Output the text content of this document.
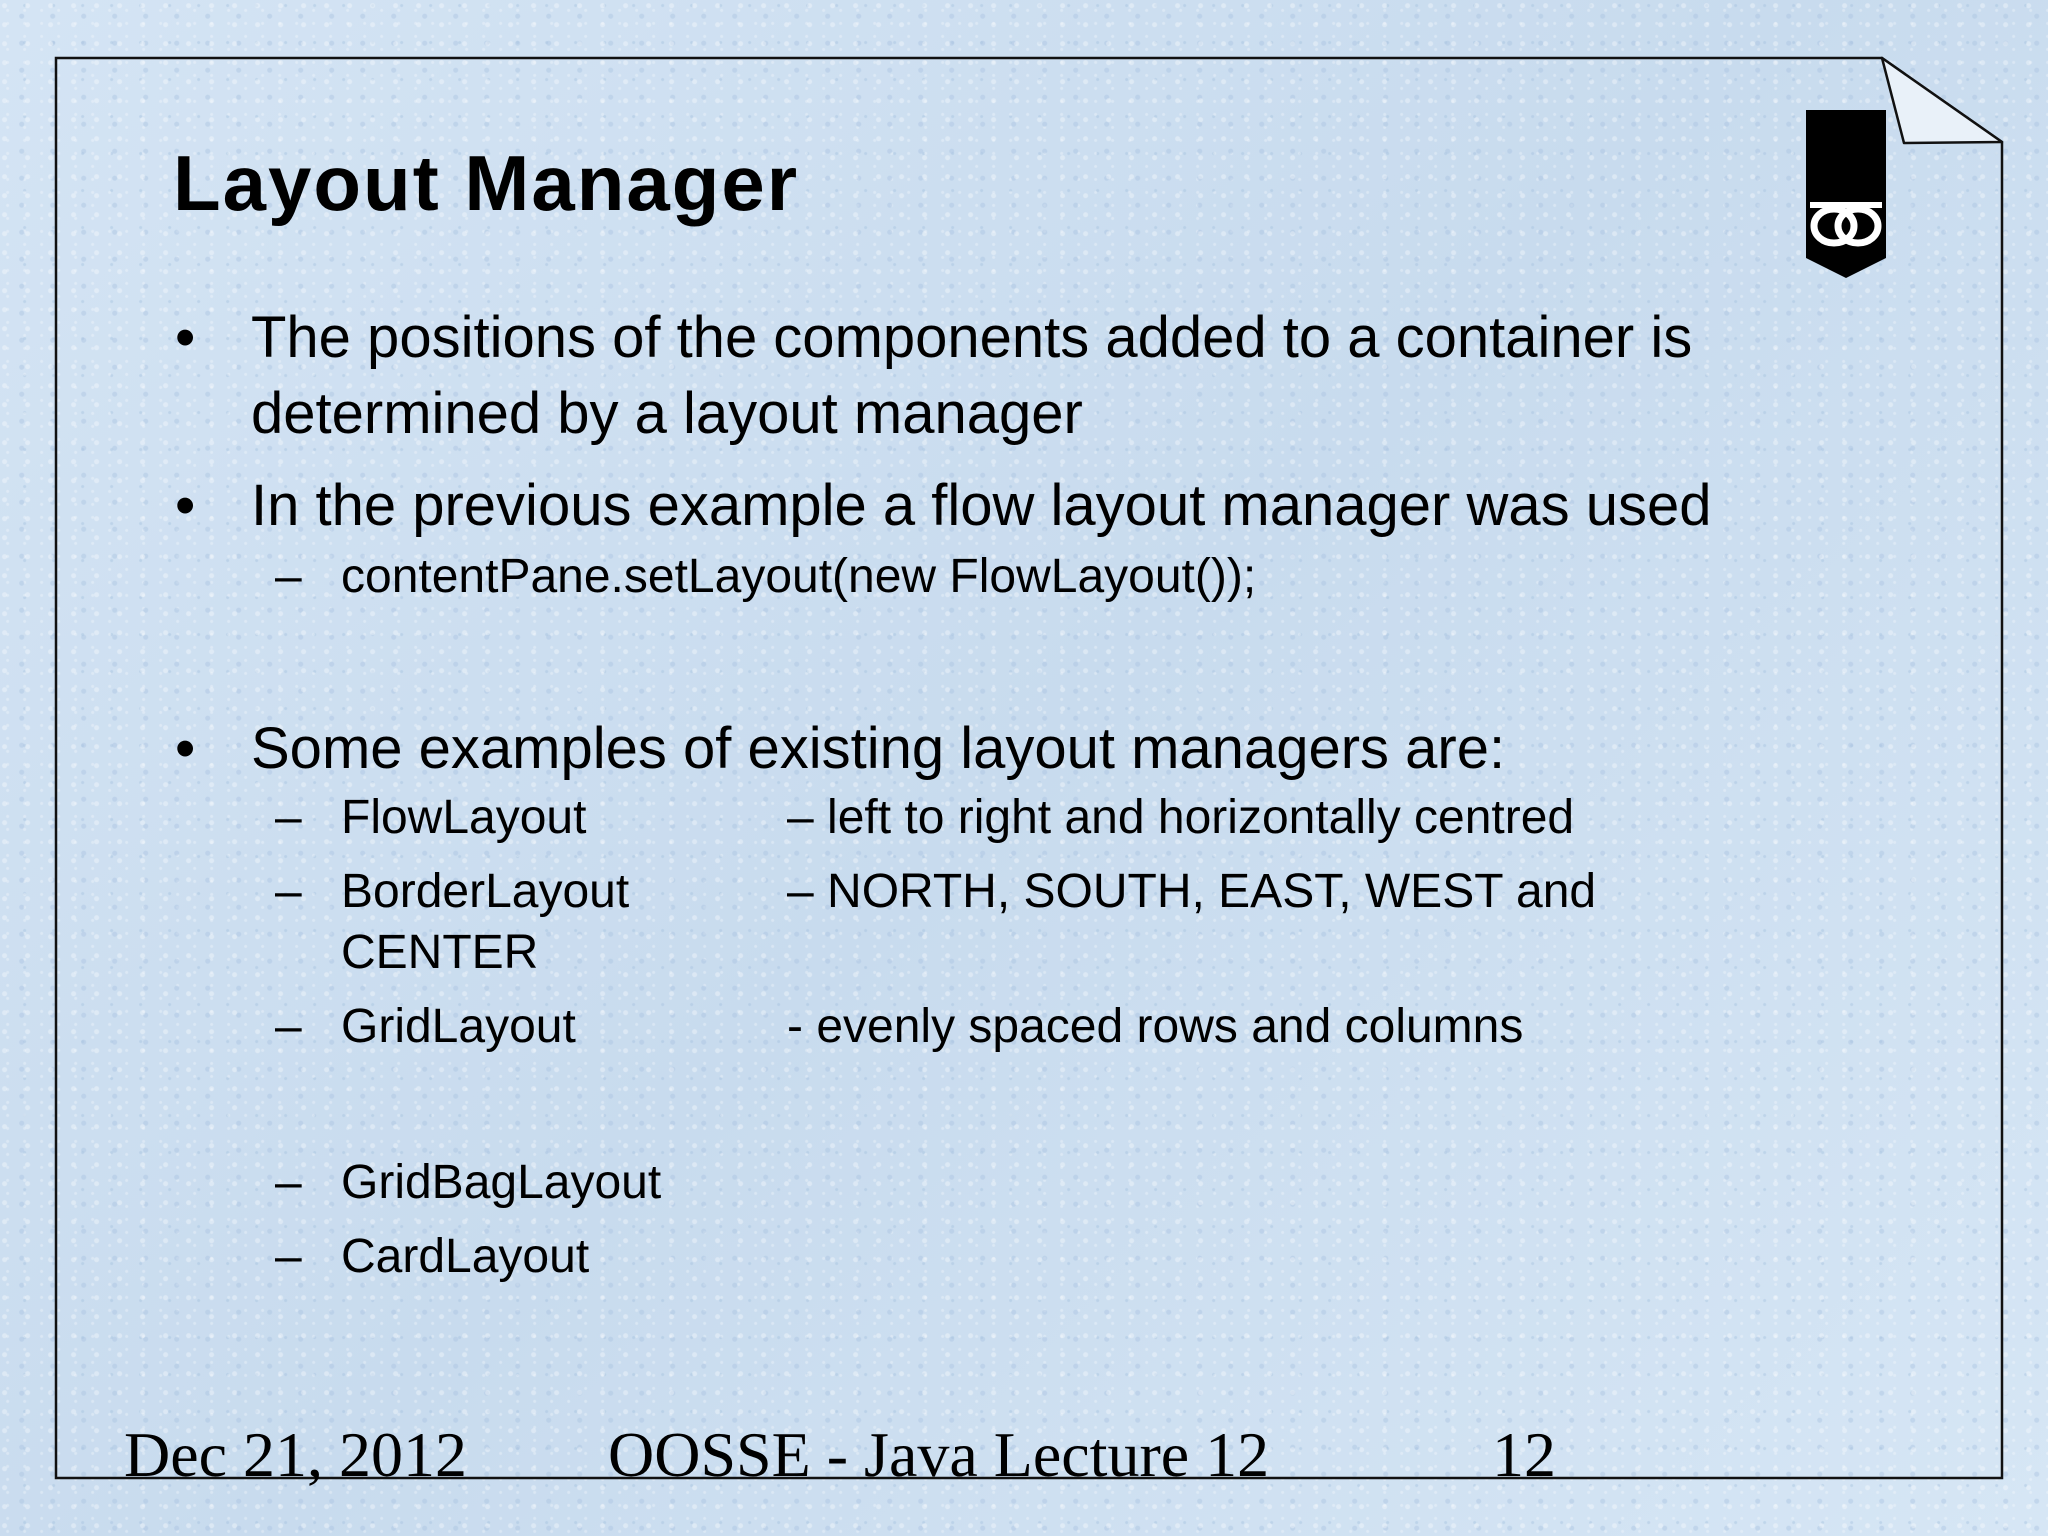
Layout Manager
• The positions of the components added to a container is determined by a layout manager
• In the previous example a flow layout manager was used
– contentPane.setLayout(new FlowLayout());
• Some examples of existing layout managers are:
– FlowLayout	– left to right and horizontally centred
– BorderLayout	– NORTH, SOUTH, EAST, WEST and
CENTER
– GridLayout	- evenly spaced rows and columns
– GridBagLayout
– CardLayout
Dec 21, 2012 OOSSE - Java Lecture 12	12
